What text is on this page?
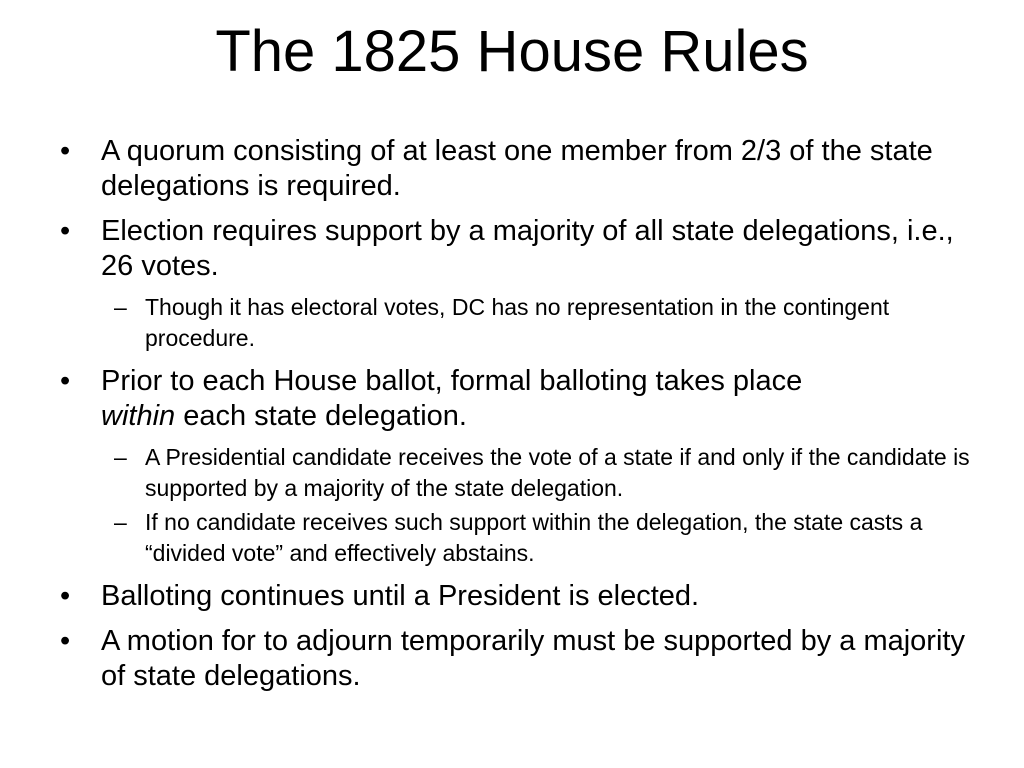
The 1825 House Rules
• A quorum consisting of at least one member from 2/3 of the state delegations is required.
• Election requires support by a majority of all state delegations, i.e., 26 votes.
– Though it has electoral votes, DC has no representation in the contingent procedure.
• Prior to each House ballot, formal balloting takes place
within each state delegation.
– A Presidential candidate receives the vote of a state if and only if the candidate is supported by a majority of the state delegation.
– If no candidate receives such support within the delegation, the state casts a “divided vote” and effectively abstains.
• Balloting continues until a President is elected.
• A motion for to adjourn temporarily must be supported by a majority of state delegations.
